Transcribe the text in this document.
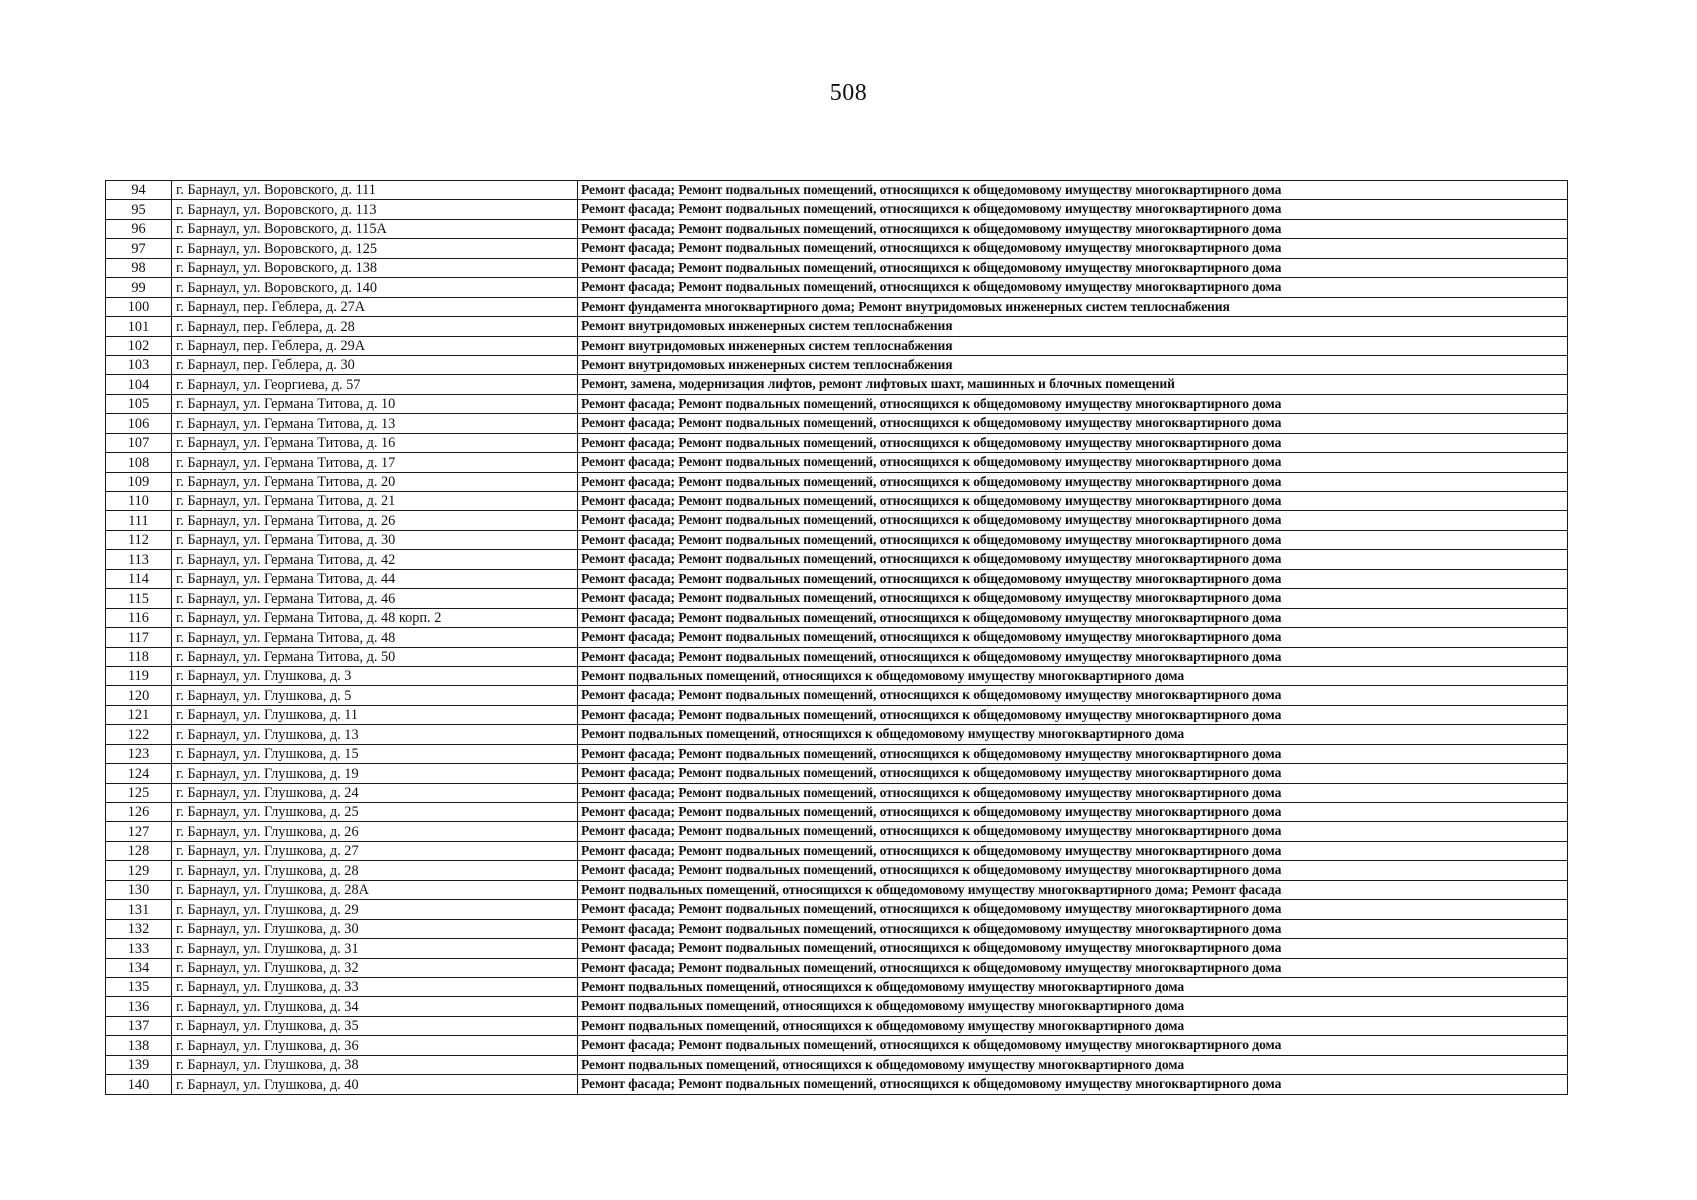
508
94	г. Барнаул, ул. Воровского, д. 111	Ремонт фасада; Ремонт подвальных помещений, относящихся к общедомовому имуществу многоквартирного дома
95	г. Барнаул, ул. Воровского, д. 113	Ремонт фасада; Ремонт подвальных помещений, относящихся к общедомовому имуществу многоквартирного дома
96	г. Барнаул, ул. Воровского, д. 115А	Ремонт фасада; Ремонт подвальных помещений, относящихся к общедомовому имуществу многоквартирного дома
97	г. Барнаул, ул. Воровского, д. 125	Ремонт фасада; Ремонт подвальных помещений, относящихся к общедомовому имуществу многоквартирного дома
98	г. Барнаул, ул. Воровского, д. 138	Ремонт фасада; Ремонт подвальных помещений, относящихся к общедомовому имуществу многоквартирного дома
99	г. Барнаул, ул. Воровского, д. 140	Ремонт фасада; Ремонт подвальных помещений, относящихся к общедомовому имуществу многоквартирного дома
100	г. Барнаул, пер. Геблера, д. 27А	Ремонт фундамента многоквартирного дома; Ремонт внутридомовых инженерных систем теплоснабжения
101	г. Барнаул, пер. Геблера, д. 28	Ремонт внутридомовых инженерных систем теплоснабжения
102	г. Барнаул, пер. Геблера, д. 29А	Ремонт внутридомовых инженерных систем теплоснабжения
103	г. Барнаул, пер. Геблера, д. 30	Ремонт внутридомовых инженерных систем теплоснабжения
104	г. Барнаул, ул. Георгиева, д. 57	Ремонт, замена, модернизация лифтов, ремонт лифтовых шахт, машинных и блочных помещений
105	г. Барнаул, ул. Германа Титова, д. 10	Ремонт фасада; Ремонт подвальных помещений, относящихся к общедомовому имуществу многоквартирного дома
106	г. Барнаул, ул. Германа Титова, д. 13	Ремонт фасада; Ремонт подвальных помещений, относящихся к общедомовому имуществу многоквартирного дома
107	г. Барнаул, ул. Германа Титова, д. 16	Ремонт фасада; Ремонт подвальных помещений, относящихся к общедомовому имуществу многоквартирного дома
108	г. Барнаул, ул. Германа Титова, д. 17	Ремонт фасада; Ремонт подвальных помещений, относящихся к общедомовому имуществу многоквартирного дома
109	г. Барнаул, ул. Германа Титова, д. 20	Ремонт фасада; Ремонт подвальных помещений, относящихся к общедомовому имуществу многоквартирного дома
110	г. Барнаул, ул. Германа Титова, д. 21	Ремонт фасада; Ремонт подвальных помещений, относящихся к общедомовому имуществу многоквартирного дома
111	г. Барнаул, ул. Германа Титова, д. 26	Ремонт фасада; Ремонт подвальных помещений, относящихся к общедомовому имуществу многоквартирного дома
112	г. Барнаул, ул. Германа Титова, д. 30	Ремонт фасада; Ремонт подвальных помещений, относящихся к общедомовому имуществу многоквартирного дома
113	г. Барнаул, ул. Германа Титова, д. 42	Ремонт фасада; Ремонт подвальных помещений, относящихся к общедомовому имуществу многоквартирного дома
114	г. Барнаул, ул. Германа Титова, д. 44	Ремонт фасада; Ремонт подвальных помещений, относящихся к общедомовому имуществу многоквартирного дома
115	г. Барнаул, ул. Германа Титова, д. 46	Ремонт фасада; Ремонт подвальных помещений, относящихся к общедомовому имуществу многоквартирного дома
116	г. Барнаул, ул. Германа Титова, д. 48 корп. 2	Ремонт фасада; Ремонт подвальных помещений, относящихся к общедомовому имуществу многоквартирного дома
117	г. Барнаул, ул. Германа Титова, д. 48	Ремонт фасада; Ремонт подвальных помещений, относящихся к общедомовому имуществу многоквартирного дома
118	г. Барнаул, ул. Германа Титова, д. 50	Ремонт фасада; Ремонт подвальных помещений, относящихся к общедомовому имуществу многоквартирного дома
119	г. Барнаул, ул. Глушкова, д. 3	Ремонт подвальных помещений, относящихся к общедомовому имуществу многоквартирного дома
120	г. Барнаул, ул. Глушкова, д. 5	Ремонт фасада; Ремонт подвальных помещений, относящихся к общедомовому имуществу многоквартирного дома
121	г. Барнаул, ул. Глушкова, д. 11	Ремонт фасада; Ремонт подвальных помещений, относящихся к общедомовому имуществу многоквартирного дома
122	г. Барнаул, ул. Глушкова, д. 13	Ремонт подвальных помещений, относящихся к общедомовому имуществу многоквартирного дома
123	г. Барнаул, ул. Глушкова, д. 15	Ремонт фасада; Ремонт подвальных помещений, относящихся к общедомовому имуществу многоквартирного дома
124	г. Барнаул, ул. Глушкова, д. 19	Ремонт фасада; Ремонт подвальных помещений, относящихся к общедомовому имуществу многоквартирного дома
125	г. Барнаул, ул. Глушкова, д. 24	Ремонт фасада; Ремонт подвальных помещений, относящихся к общедомовому имуществу многоквартирного дома
126	г. Барнаул, ул. Глушкова, д. 25	Ремонт фасада; Ремонт подвальных помещений, относящихся к общедомовому имуществу многоквартирного дома
127	г. Барнаул, ул. Глушкова, д. 26	Ремонт фасада; Ремонт подвальных помещений, относящихся к общедомовому имуществу многоквартирного дома
128	г. Барнаул, ул. Глушкова, д. 27	Ремонт фасада; Ремонт подвальных помещений, относящихся к общедомовому имуществу многоквартирного дома
129	г. Барнаул, ул. Глушкова, д. 28	Ремонт фасада; Ремонт подвальных помещений, относящихся к общедомовому имуществу многоквартирного дома
130	г. Барнаул, ул. Глушкова, д. 28А	Ремонт подвальных помещений, относящихся к общедомовому имуществу многоквартирного дома; Ремонт фасада
131	г. Барнаул, ул. Глушкова, д. 29	Ремонт фасада; Ремонт подвальных помещений, относящихся к общедомовому имуществу многоквартирного дома
132	г. Барнаул, ул. Глушкова, д. 30	Ремонт фасада; Ремонт подвальных помещений, относящихся к общедомовому имуществу многоквартирного дома
133	г. Барнаул, ул. Глушкова, д. 31	Ремонт фасада; Ремонт подвальных помещений, относящихся к общедомовому имуществу многоквартирного дома
134	г. Барнаул, ул. Глушкова, д. 32	Ремонт фасада; Ремонт подвальных помещений, относящихся к общедомовому имуществу многоквартирного дома
135	г. Барнаул, ул. Глушкова, д. 33	Ремонт подвальных помещений, относящихся к общедомовому имуществу многоквартирного дома
136	г. Барнаул, ул. Глушкова, д. 34	Ремонт подвальных помещений, относящихся к общедомовому имуществу многоквартирного дома
137	г. Барнаул, ул. Глушкова, д. 35	Ремонт подвальных помещений, относящихся к общедомовому имуществу многоквартирного дома
138	г. Барнаул, ул. Глушкова, д. 36	Ремонт фасада; Ремонт подвальных помещений, относящихся к общедомовому имуществу многоквартирного дома
139	г. Барнаул, ул. Глушкова, д. 38	Ремонт подвальных помещений, относящихся к общедомовому имуществу многоквартирного дома
140	г. Барнаул, ул. Глушкова, д. 40	Ремонт фасада; Ремонт подвальных помещений, относящихся к общедомовому имуществу многоквартирного дома
